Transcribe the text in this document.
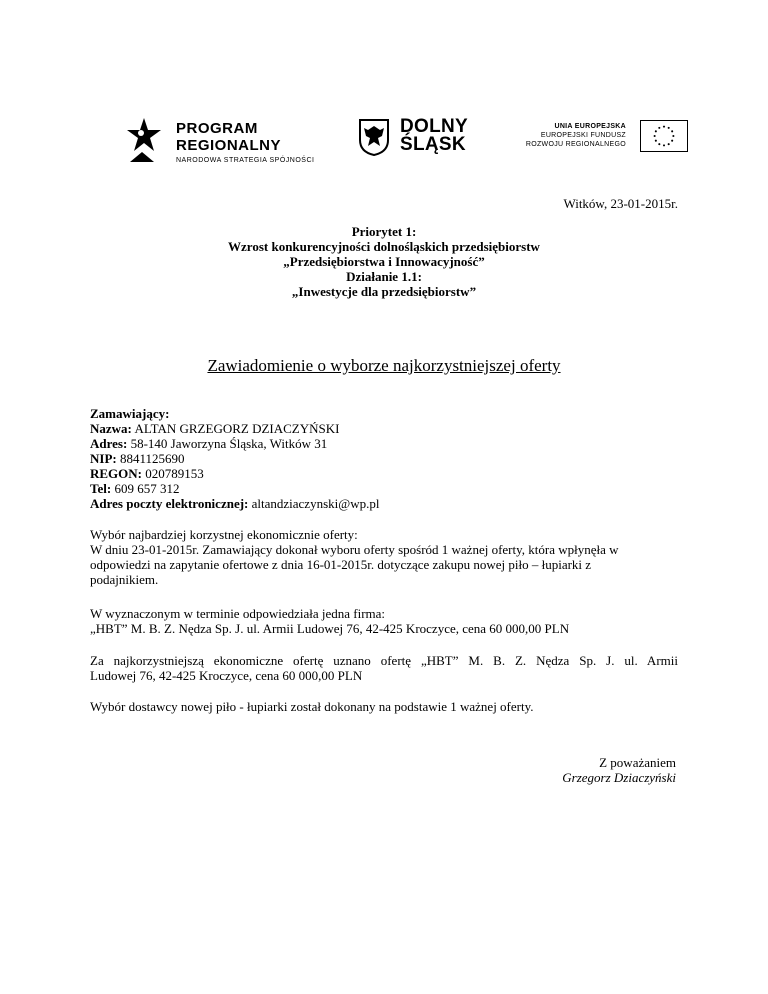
PROGRAM
REGIONALNY
NARODOWA STRATEGIA SPÓJNOŚCI
DOLNY
ŚLĄSK
UNIA EUROPEJSKA
EUROPEJSKI FUNDUSZ
ROZWOJU REGIONALNEGO
Witków, 23-01-2015r.
Priorytet 1:
Wzrost konkurencyjności dolnośląskich przedsiębiorstw
„Przedsiębiorstwa i Innowacyjność”
Działanie 1.1:
„Inwestycje dla przedsiębiorstw”
Zawiadomienie o wyborze najkorzystniejszej oferty

Zamawiający:

Nazwa: ALTAN GRZEGORZ DZIACZYŃSKI

Adres: 58-140 Jaworzyna Śląska, Witków 31

NIP: 8841125690

REGON: 020789153

Tel: 609 657 312

Adres poczty elektronicznej: altandziaczynski@wp.pl

Wybór najbardziej korzystnej ekonomicznie oferty:

W dniu 23-01-2015r. Zamawiający dokonał wyboru oferty spośród 1 ważnej oferty, która wpłynęła w

odpowiedzi na zapytanie ofertowe z dnia 16-01-2015r. dotyczące zakupu nowej piło – łupiarki z

podajnikiem.

W wyznaczonym w terminie odpowiedziała jedna firma:

„HBT” M. B. Z. Nędza Sp. J. ul. Armii Ludowej 76, 42-425 Kroczyce, cena 60 000,00 PLN

Za najkorzystniejszą ekonomiczne ofertę uznano ofertę „HBT” M. B. Z. Nędza Sp. J. ul. Armii

Ludowej 76, 42-425 Kroczyce, cena 60 000,00 PLN

Wybór dostawcy nowej piło - łupiarki został dokonany na podstawie 1 ważnej oferty.
Z poważaniem
Grzegorz Dziaczyński
